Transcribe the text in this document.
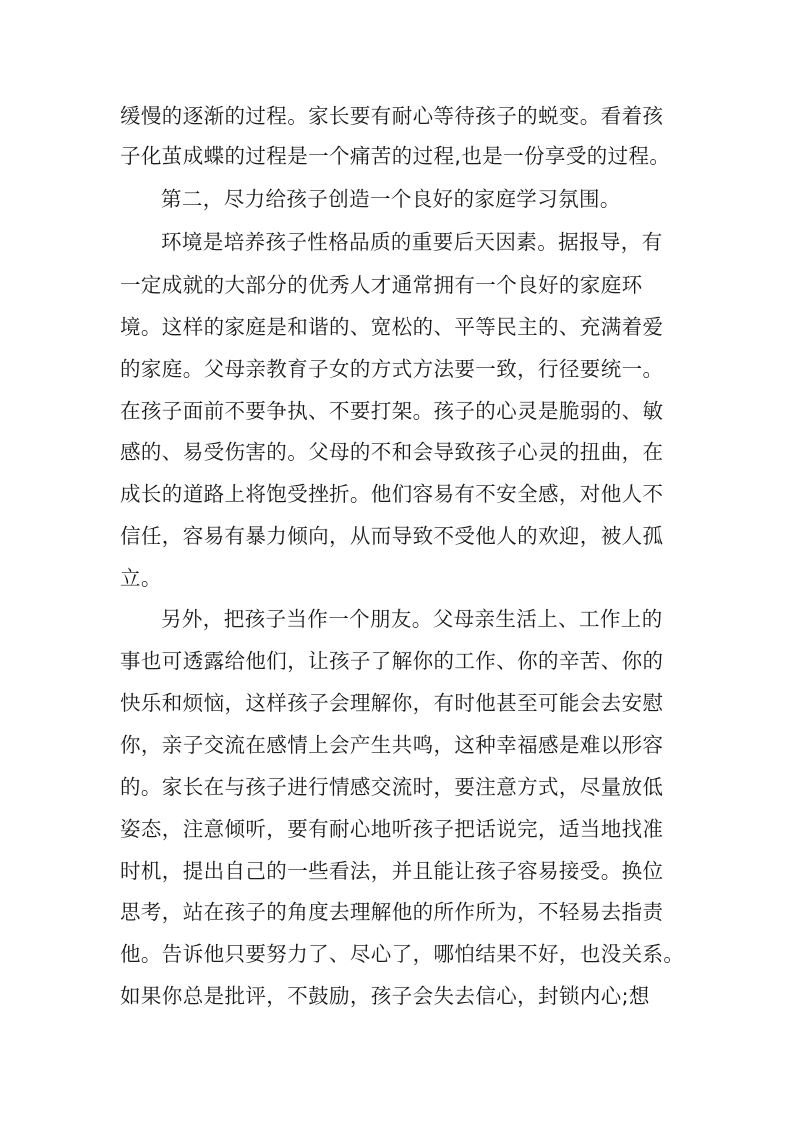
缓慢的逐渐的过程。家长要有耐心等待孩子的蜕变。看着孩
子化茧成蝶的过程是一个痛苦的过程,也是一份享受的过程。
第二，尽力给孩子创造一个良好的家庭学习氛围。
环境是培养孩子性格品质的重要后天因素。据报导，有
一定成就的大部分的优秀人才通常拥有一个良好的家庭环
境。这样的家庭是和谐的、宽松的、平等民主的、充满着爱
的家庭。父母亲教育子女的方式方法要一致，行径要统一。
在孩子面前不要争执、不要打架。孩子的心灵是脆弱的、敏
感的、易受伤害的。父母的不和会导致孩子心灵的扭曲，在
成长的道路上将饱受挫折。他们容易有不安全感，对他人不
信任，容易有暴力倾向，从而导致不受他人的欢迎，被人孤
立。
另外，把孩子当作一个朋友。父母亲生活上、工作上的
事也可透露给他们，让孩子了解你的工作、你的辛苦、你的
快乐和烦恼，这样孩子会理解你，有时他甚至可能会去安慰
你，亲子交流在感情上会产生共鸣，这种幸福感是难以形容
的。家长在与孩子进行情感交流时，要注意方式，尽量放低
姿态，注意倾听，要有耐心地听孩子把话说完，适当地找准
时机，提出自己的一些看法，并且能让孩子容易接受。换位
思考，站在孩子的角度去理解他的所作所为，不轻易去指责
他。告诉他只要努力了、尽心了，哪怕结果不好，也没关系。
如果你总是批评，不鼓励，孩子会失去信心，封锁内心;想
